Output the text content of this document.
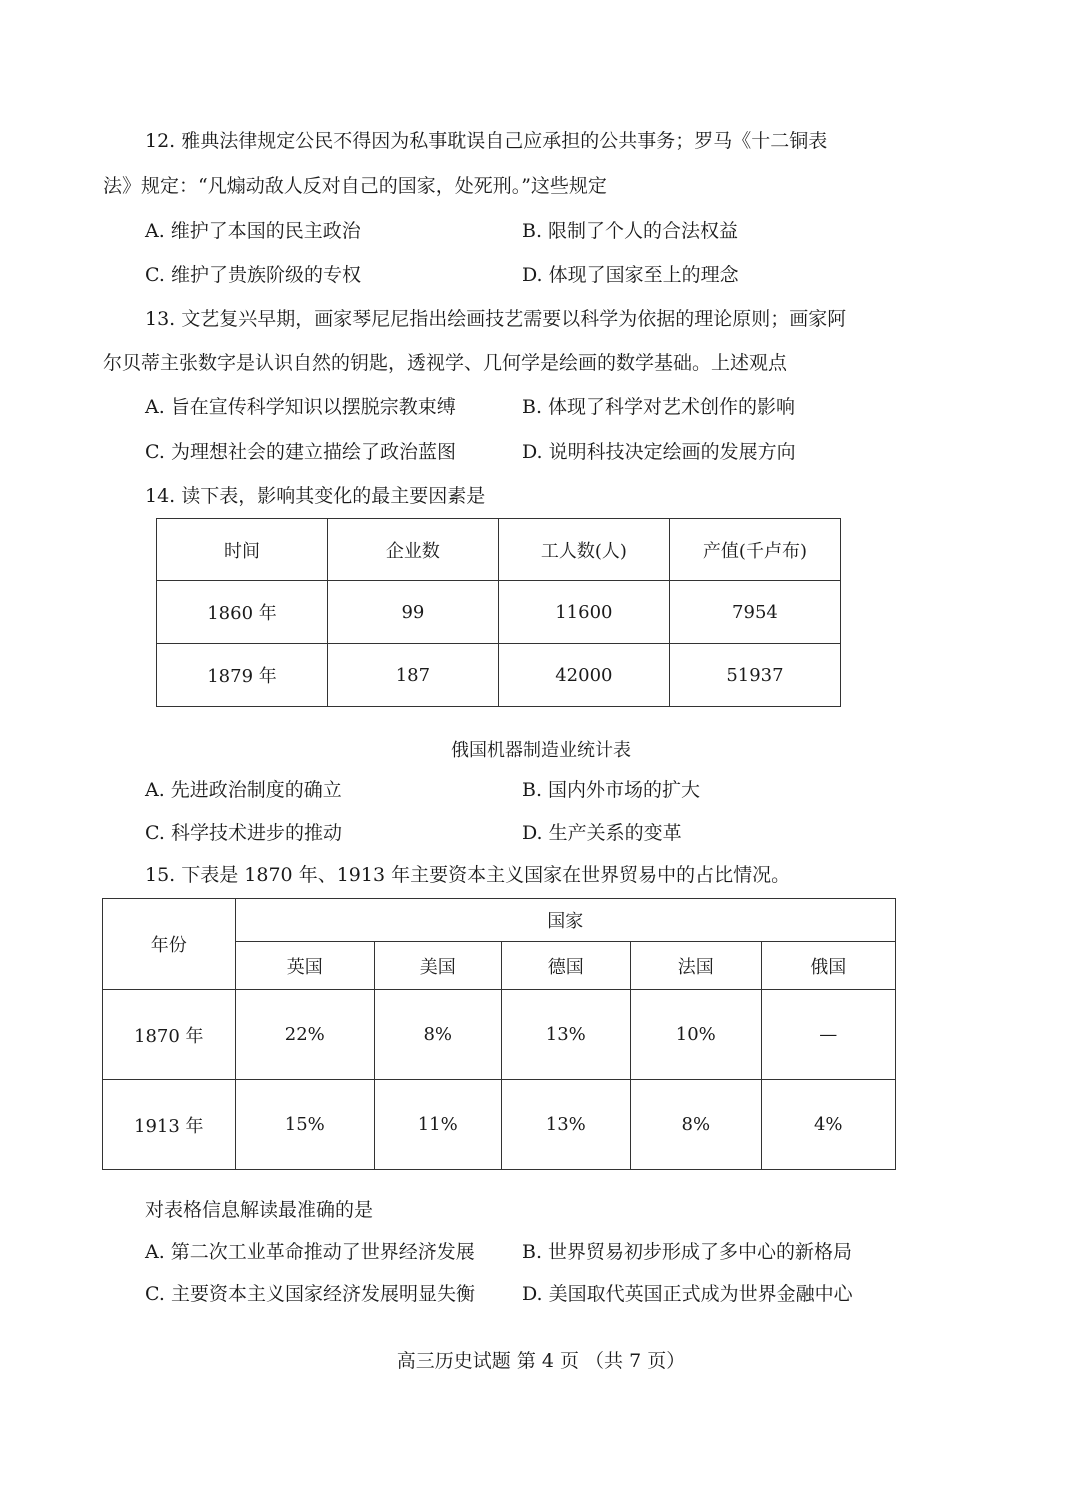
12. 雅典法律规定公民不得因为私事耽误自己应承担的公共事务；罗马《十二铜表
法》规定：“凡煽动敌人反对自己的国家，处死刑。”这些规定
A. 维护了本国的民主政治	B. 限制了个人的合法权益
C. 维护了贵族阶级的专权	D. 体现了国家至上的理念
13. 文艺复兴早期，画家琴尼尼指出绘画技艺需要以科学为依据的理论原则；画家阿
尔贝蒂主张数字是认识自然的钥匙，透视学、几何学是绘画的数学基础。上述观点
A. 旨在宣传科学知识以摆脱宗教束缚	B. 体现了科学对艺术创作的影响
C. 为理想社会的建立描绘了政治蓝图	D. 说明科技决定绘画的发展方向
14. 读下表，影响其变化的最主要因素是
时间	企业数	工人数(人)	产值(千卢布)
1860 年	99	11600	7954
1879 年	187	42000	51937
俄国机器制造业统计表
A. 先进政治制度的确立	B. 国内外市场的扩大
C. 科学技术进步的推动	D. 生产关系的变革
15. 下表是 1870 年、1913 年主要资本主义国家在世界贸易中的占比情况。
年份	国家				
	英国	美国	德国	法国	俄国
1870 年	22%	8%	13%	10%	—
1913 年	15%	11%	13%	8%	4%
对表格信息解读最准确的是
A. 第二次工业革命推动了世界经济发展 B. 世界贸易初步形成了多中心的新格局
C. 主要资本主义国家经济发展明显失衡 D. 美国取代英国正式成为世界金融中心
高三历史试题 第 4 页 （共 7 页）
